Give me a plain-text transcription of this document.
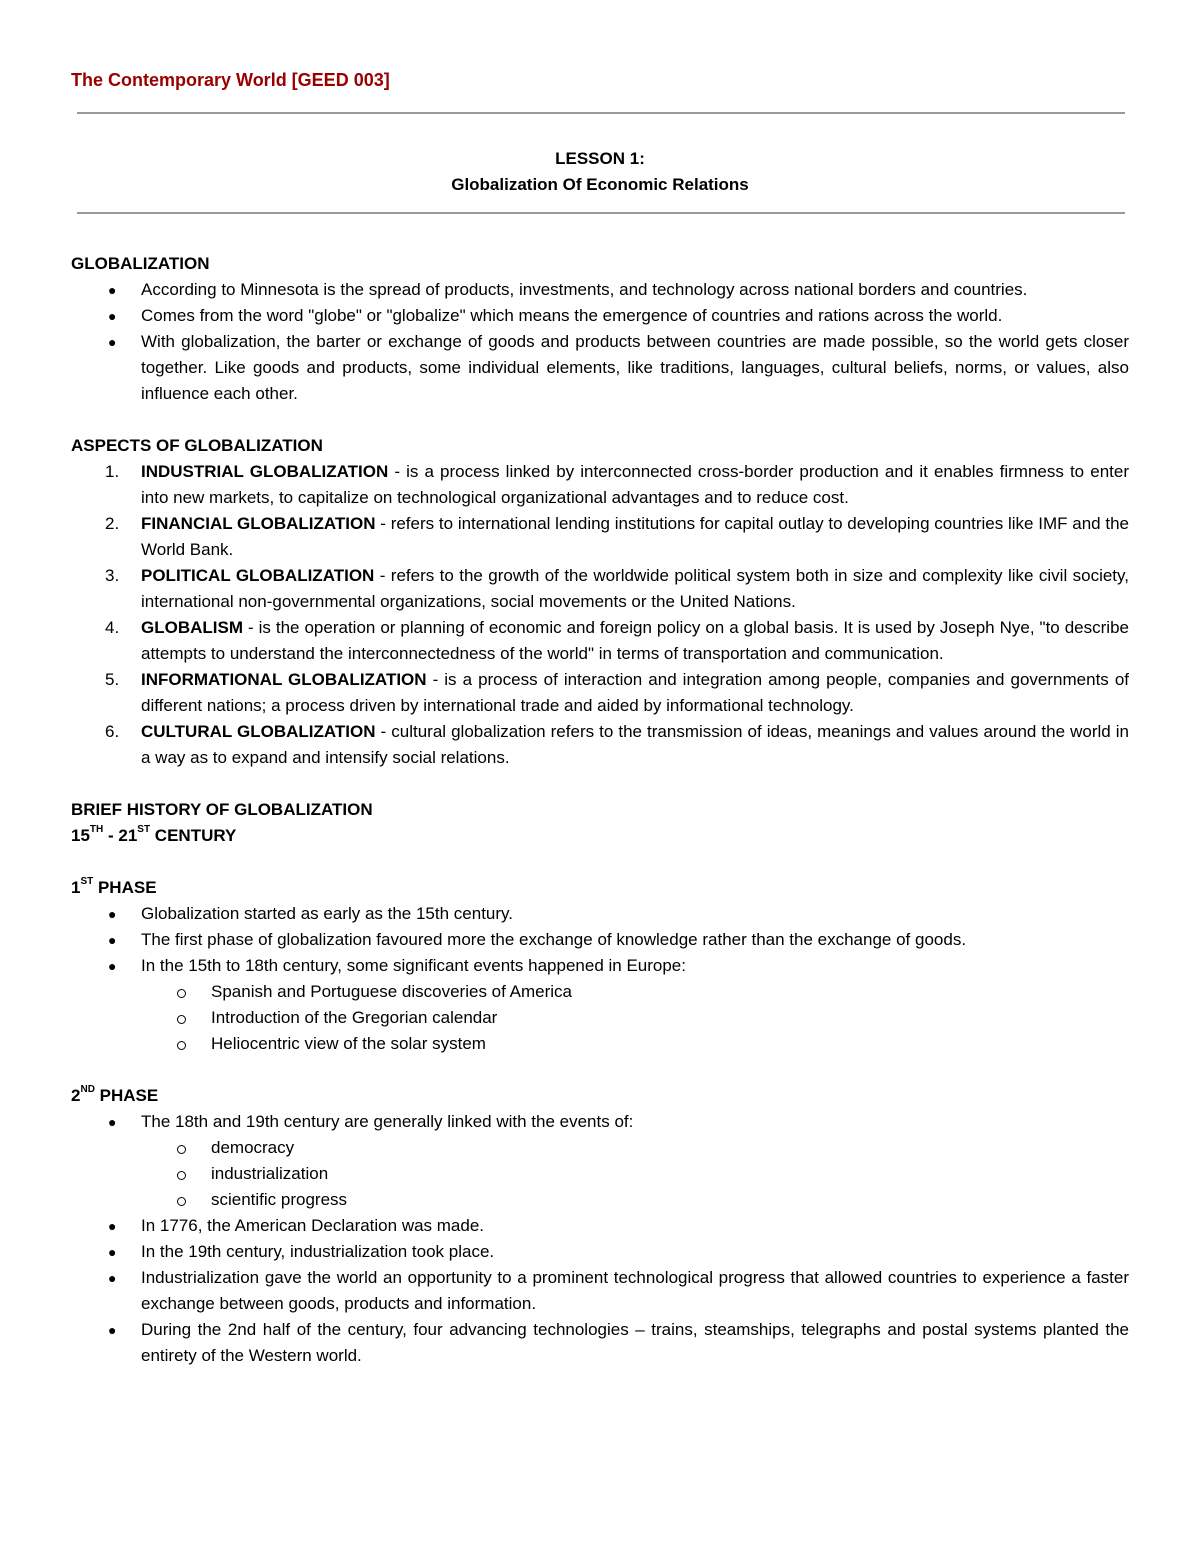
The Contemporary World [GEED 003]
LESSON 1:
Globalization Of Economic Relations
GLOBALIZATION
● According to Minnesota is the spread of products, investments, and technology across national borders and countries.
● Comes from the word "globe" or "globalize" which means the emergence of countries and rations across the world.
● With globalization, the barter or exchange of goods and products between countries are made possible, so the world gets closer together. Like goods and products, some individual elements, like traditions, languages, cultural beliefs, norms, or values, also influence each other.
ASPECTS OF GLOBALIZATION
1. INDUSTRIAL GLOBALIZATION - is a process linked by interconnected cross-border production and it enables firmness to enter into new markets, to capitalize on technological organizational advantages and to reduce cost.
2. FINANCIAL GLOBALIZATION - refers to international lending institutions for capital outlay to developing countries like IMF and the World Bank.
3. POLITICAL GLOBALIZATION - refers to the growth of the worldwide political system both in size and complexity like civil society, international non-governmental organizations, social movements or the United Nations.
4. GLOBALISM - is the operation or planning of economic and foreign policy on a global basis. It is used by Joseph Nye, "to describe attempts to understand the interconnectedness of the world" in terms of transportation and communication.
5. INFORMATIONAL GLOBALIZATION - is a process of interaction and integration among people, companies and governments of different nations; a process driven by international trade and aided by informational technology.
6. CULTURAL GLOBALIZATION - cultural globalization refers to the transmission of ideas, meanings and values around the world in a way as to expand and intensify social relations.
BRIEF HISTORY OF GLOBALIZATION
15TH - 21ST CENTURY
1ST PHASE
● Globalization started as early as the 15th century.
● The first phase of globalization favoured more the exchange of knowledge rather than the exchange of goods.
● In the 15th to 18th century, some significant events happened in Europe:
Spanish and Portuguese discoveries of America
Introduction of the Gregorian calendar
Heliocentric view of the solar system
2ND PHASE
● The 18th and 19th century are generally linked with the events of:
democracy
industrialization
scientific progress
● In 1776, the American Declaration was made.
● In the 19th century, industrialization took place.
● Industrialization gave the world an opportunity to a prominent technological progress that allowed countries to experience a faster exchange between goods, products and information.
● During the 2nd half of the century, four advancing technologies – trains, steamships, telegraphs and postal systems planted the entirety of the Western world.
